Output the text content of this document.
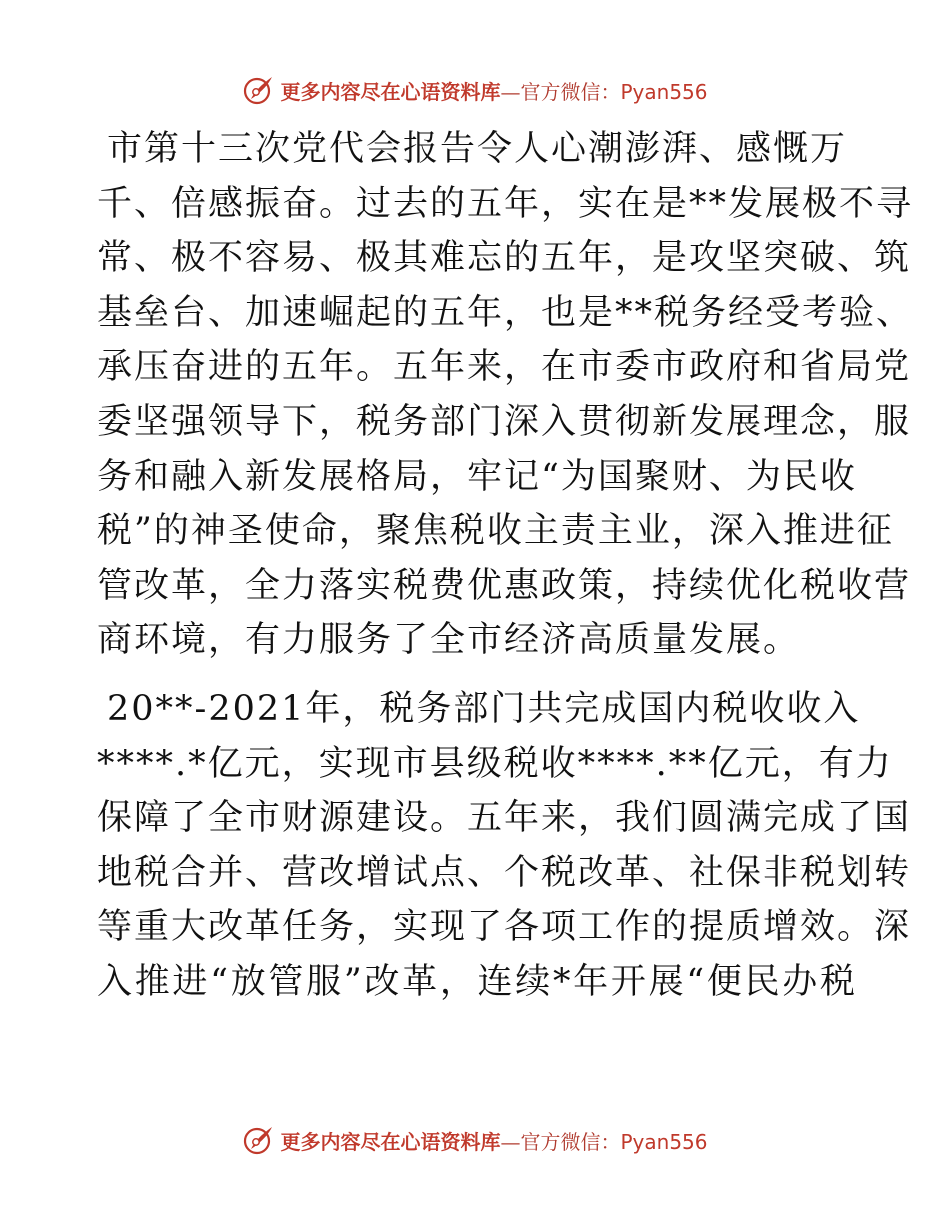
更多内容尽在心语资料库—官方微信：Pyan556
市第十三次党代会报告令人心潮澎湃、感慨万
千、倍感振奋。过去的五年，实在是**发展极不寻
常、极不容易、极其难忘的五年，是攻坚突破、筑
基垒台、加速崛起的五年，也是**税务经受考验、
承压奋进的五年。五年来，在市委市政府和省局党
委坚强领导下，税务部门深入贯彻新发展理念，服
务和融入新发展格局，牢记“为国聚财、为民收
税”的神圣使命，聚焦税收主责主业，深入推进征
管改革，全力落实税费优惠政策，持续优化税收营
商环境，有力服务了全市经济高质量发展。
20**-2021年，税务部门共完成国内税收收入
****.*亿元，实现市县级税收****.**亿元，有力
保障了全市财源建设。五年来，我们圆满完成了国
地税合并、营改增试点、个税改革、社保非税划转
等重大改革任务，实现了各项工作的提质增效。深
入推进“放管服”改革，连续*年开展“便民办税
更多内容尽在心语资料库—官方微信：Pyan556
